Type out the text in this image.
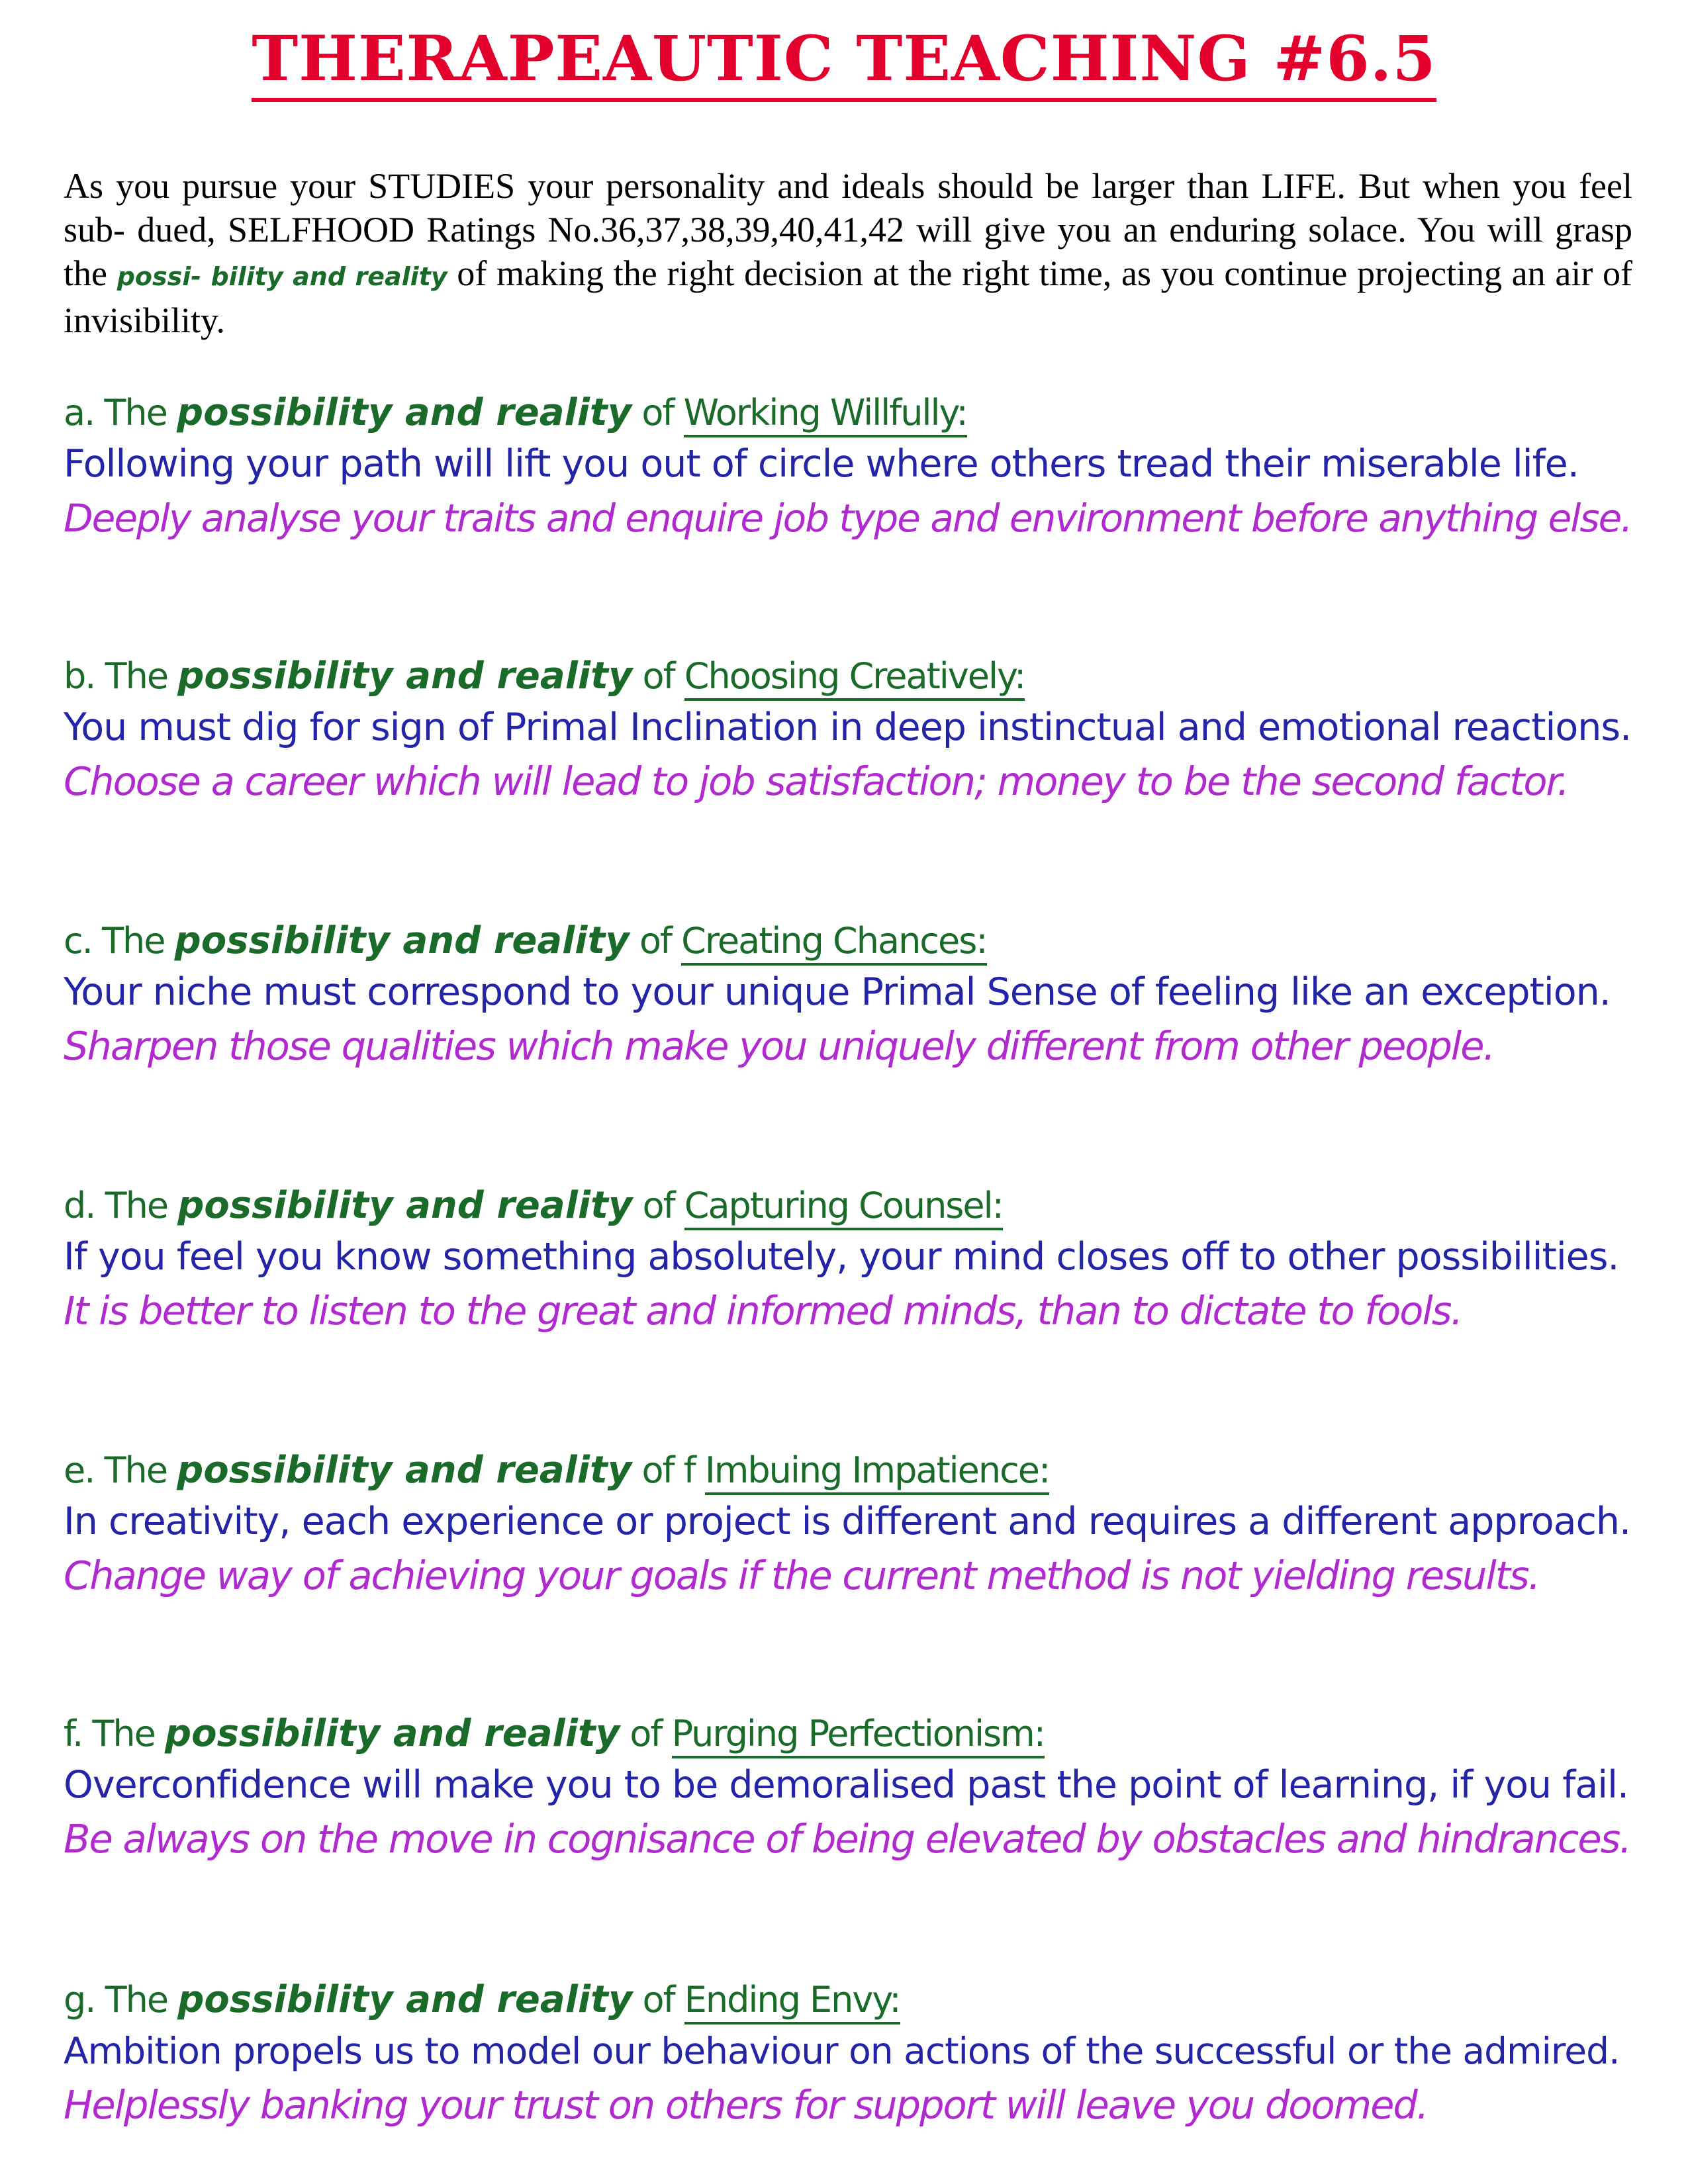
THERAPEAUTIC TEACHING #6.5
As you pursue your STUDIES your personality and ideals should be larger than LIFE. But when you feel sub- dued, SELFHOOD Ratings No.36,37,38,39,40,41,42 will give you an enduring solace. You will grasp the possi- bility and reality of making the right decision at the right time, as you continue projecting an air of invisibility.
a. The possibility and reality of Working Willfully:
Following your path will lift you out of circle where others tread their miserable life.
Deeply analyse your traits and enquire job type and environment before anything else.
b. The possibility and reality of Choosing Creatively:
You must dig for sign of Primal Inclination in deep instinctual and emotional reactions.
Choose a career which will lead to job satisfaction; money to be the second factor.
c. The possibility and reality of Creating Chances:
Your niche must correspond to your unique Primal Sense of feeling like an exception.
Sharpen those qualities which make you uniquely different from other people.
d. The possibility and reality of Capturing Counsel:
If you feel you know something absolutely, your mind closes off to other possibilities.
It is better to listen to the great and informed minds, than to dictate to fools.
e. The possibility and reality of f Imbuing Impatience:
In creativity, each experience or project is different and requires a different approach.
Change way of achieving your goals if the current method is not yielding results.
f. The possibility and reality of Purging Perfectionism:
Overconfidence will make you to be demoralised past the point of learning, if you fail.
Be always on the move in cognisance of being elevated by obstacles and hindrances.
g. The possibility and reality of Ending Envy:
Ambition propels us to model our behaviour on actions of the successful or the admired.
Helplessly banking your trust on others for support will leave you doomed.
